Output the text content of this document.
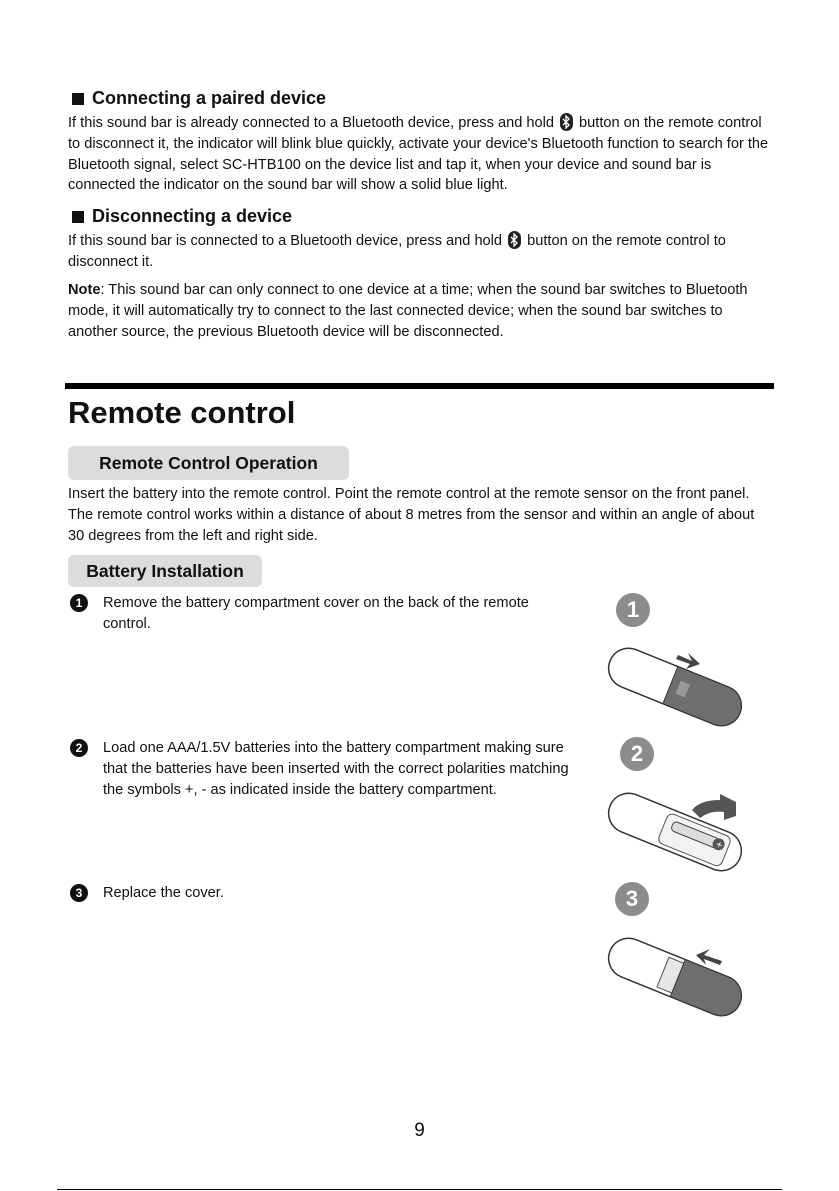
Connecting a paired device
If this sound bar is already connected to a Bluetooth device, press and hold button on the remote control to disconnect it, the indicator will blink blue quickly, activate your device's Bluetooth function to search for the Bluetooth signal, select SC-HTB100 on the device list and tap it, when your device and sound bar is connected the indicator on the sound bar will show a solid blue light.
Disconnecting a device
If this sound bar is connected to a Bluetooth device, press and hold button on the remote control to disconnect it.
Note: This sound bar can only connect to one device at a time; when the sound bar switches to Bluetooth mode, it will automatically try to connect to the last connected device; when the sound bar switches to another source, the previous Bluetooth device will be disconnected.
Remote control
Remote Control Operation
Insert the battery into the remote control. Point the remote control at the remote sensor on the front panel. The remote control works within a distance of about 8 metres from the sensor and within an angle of about 30 degrees from the left and right side.
Battery Installation
1	Remove the battery compartment cover on the back of the remote control.
2	Load one AAA/1.5V batteries into the battery compartment making sure that the batteries have been inserted with the correct polarities matching the symbols +, - as indicated inside the battery compartment.
3	Replace the cover.
1
2
+
3
9
